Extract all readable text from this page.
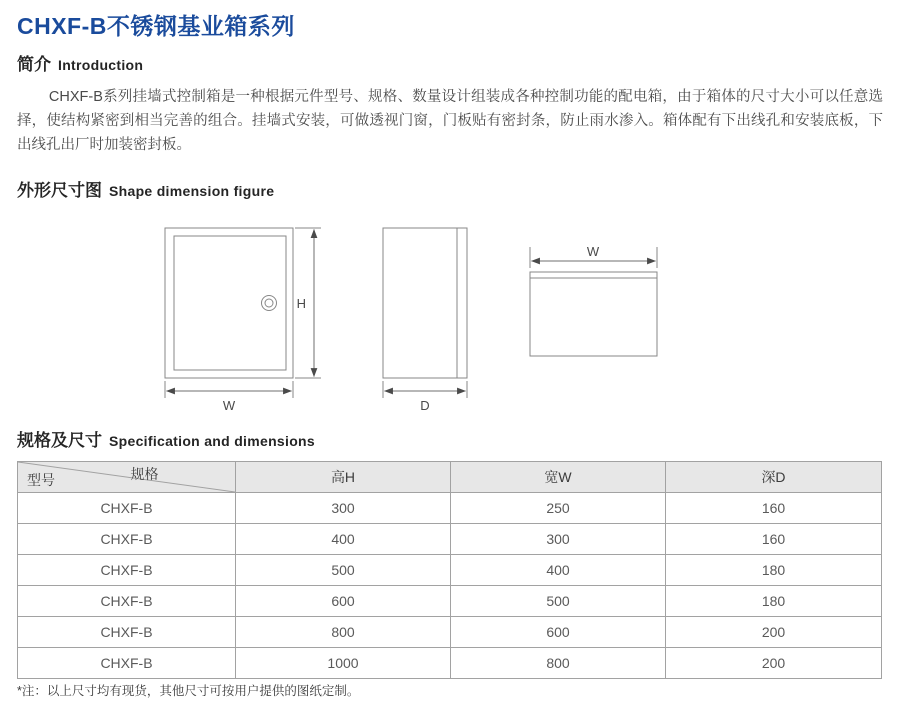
CHXF-B不锈钢基业箱系列
简介 Introduction

CHXF-B系列挂墙式控制箱是一种根据元件型号、规格、数量设计组装成各种控制功能的配电箱，由于箱体的尺寸大小可以任意选择，使结构紧密到相当完善的组合。挂墙式安装，可做透视门窗，门板贴有密封条，防止雨水渗入。箱体配有下出线孔和安装底板，下出线孔出厂时加装密封板。

外形尺寸图 Shape dimension figure
H
W	D
W
规格及尺寸 Specification and dimensions
规格
型号	高H	宽W	深D
CHXF-B	300	250	160
CHXF-B	400	300	160
CHXF-B	500	400	180
CHXF-B	600	500	180
CHXF-B	800	600	200
CHXF-B	1000	800	200

*注：以上尺寸均有现货，其他尺寸可按用户提供的图纸定制。
